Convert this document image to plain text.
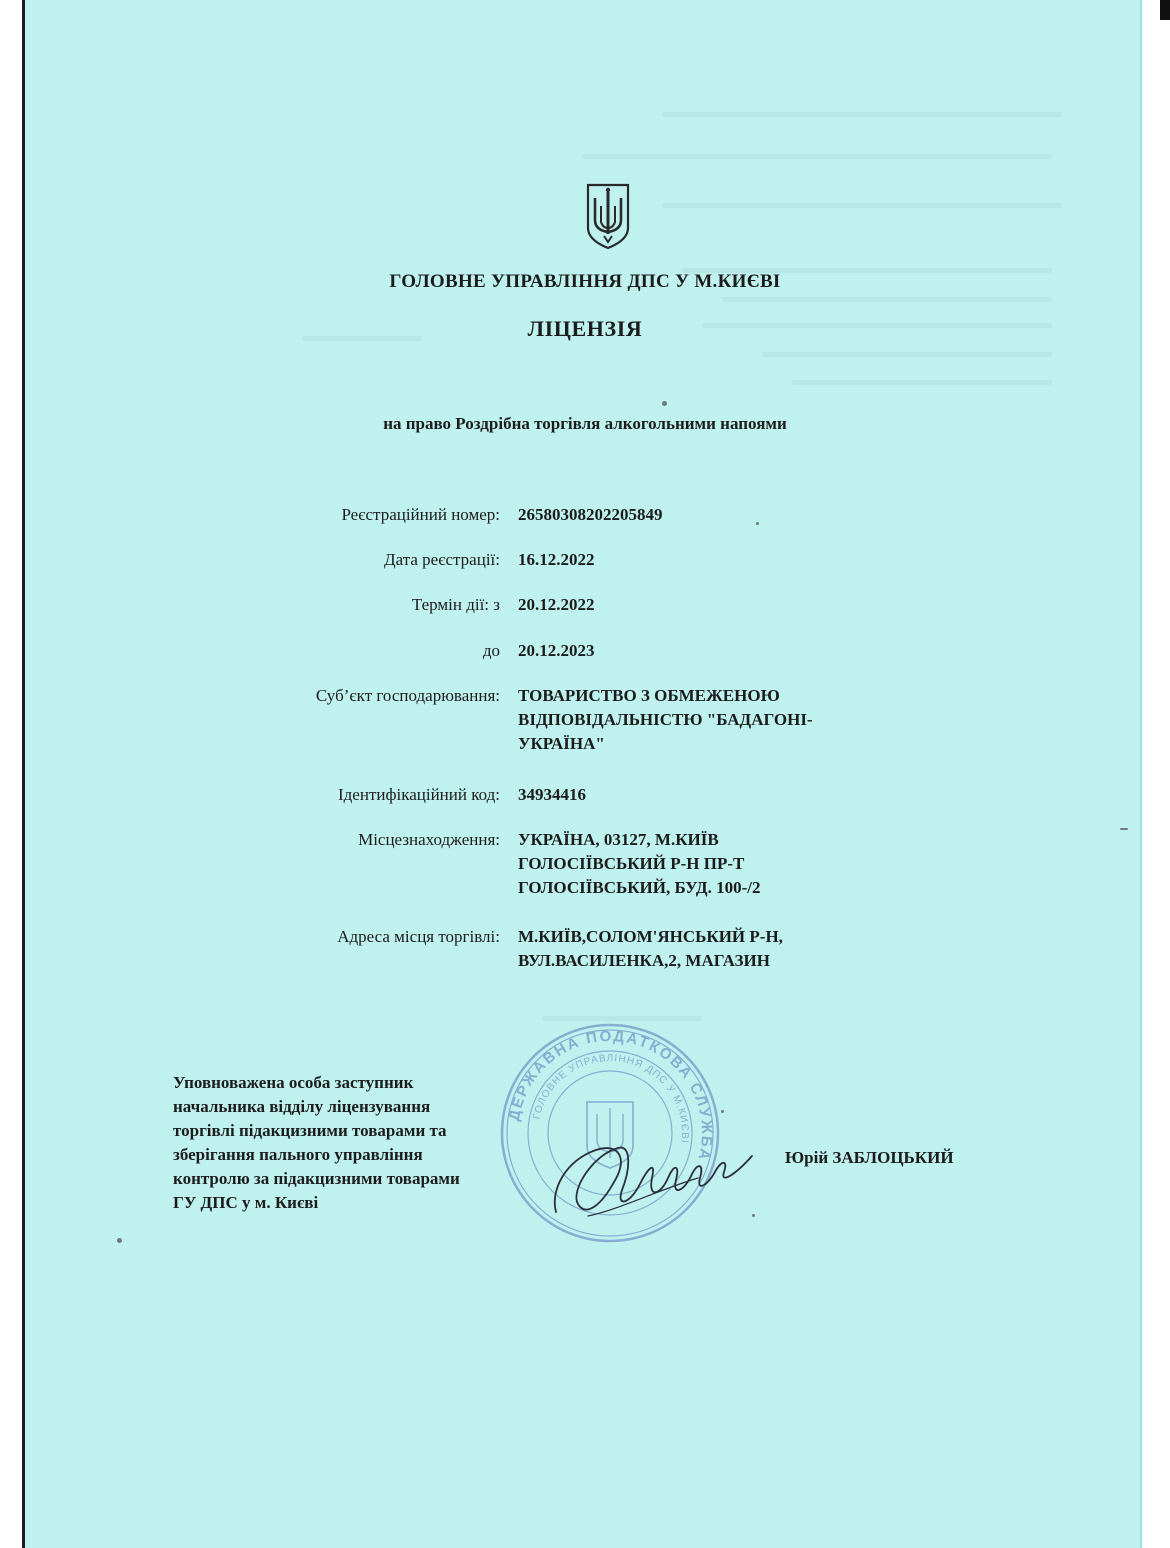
ГОЛОВНЕ УПРАВЛІННЯ ДПС У М.КИЄВІ
ЛІЦЕНЗІЯ
на право Роздрібна торгівля алкогольними напоями
Реєстраційний номер: 26580308202205849
Дата реєстрації: 16.12.2022
Термін дії: з 20.12.2022
до 20.12.2023
Суб’єкт господарювання: ТОВАРИСТВО З ОБМЕЖЕНОЮ
ВІДПОВІДАЛЬНІСТЮ "БАДАГОНІ-
УКРАЇНА"
Ідентифікаційний код: 34934416
Місцезнаходження: УКРАЇНА, 03127, М.КИЇВ
ГОЛОСІЇВСЬКИЙ Р-Н ПР-Т
ГОЛОСІЇВСЬКИЙ, БУД. 100-/2
Адреса місця торгівлі: М.КИЇВ,СОЛОМ'ЯНСЬКИЙ Р-Н,
ВУЛ.ВАСИЛЕНКА,2, МАГАЗИН
ДЕРЖАВНА ПОДАТКОВА СЛУЖБА
ГОЛОВНЕ УПРАВЛІННЯ ДПС У М.КИЄВІ
Уповноважена особа заступник
начальника відділу ліцензування
торгівлі підакцизними товарами та
зберігання пального управління
контролю за підакцизними товарами
ГУ ДПС у м. Києві
Юрій ЗАБЛОЦЬКИЙ
